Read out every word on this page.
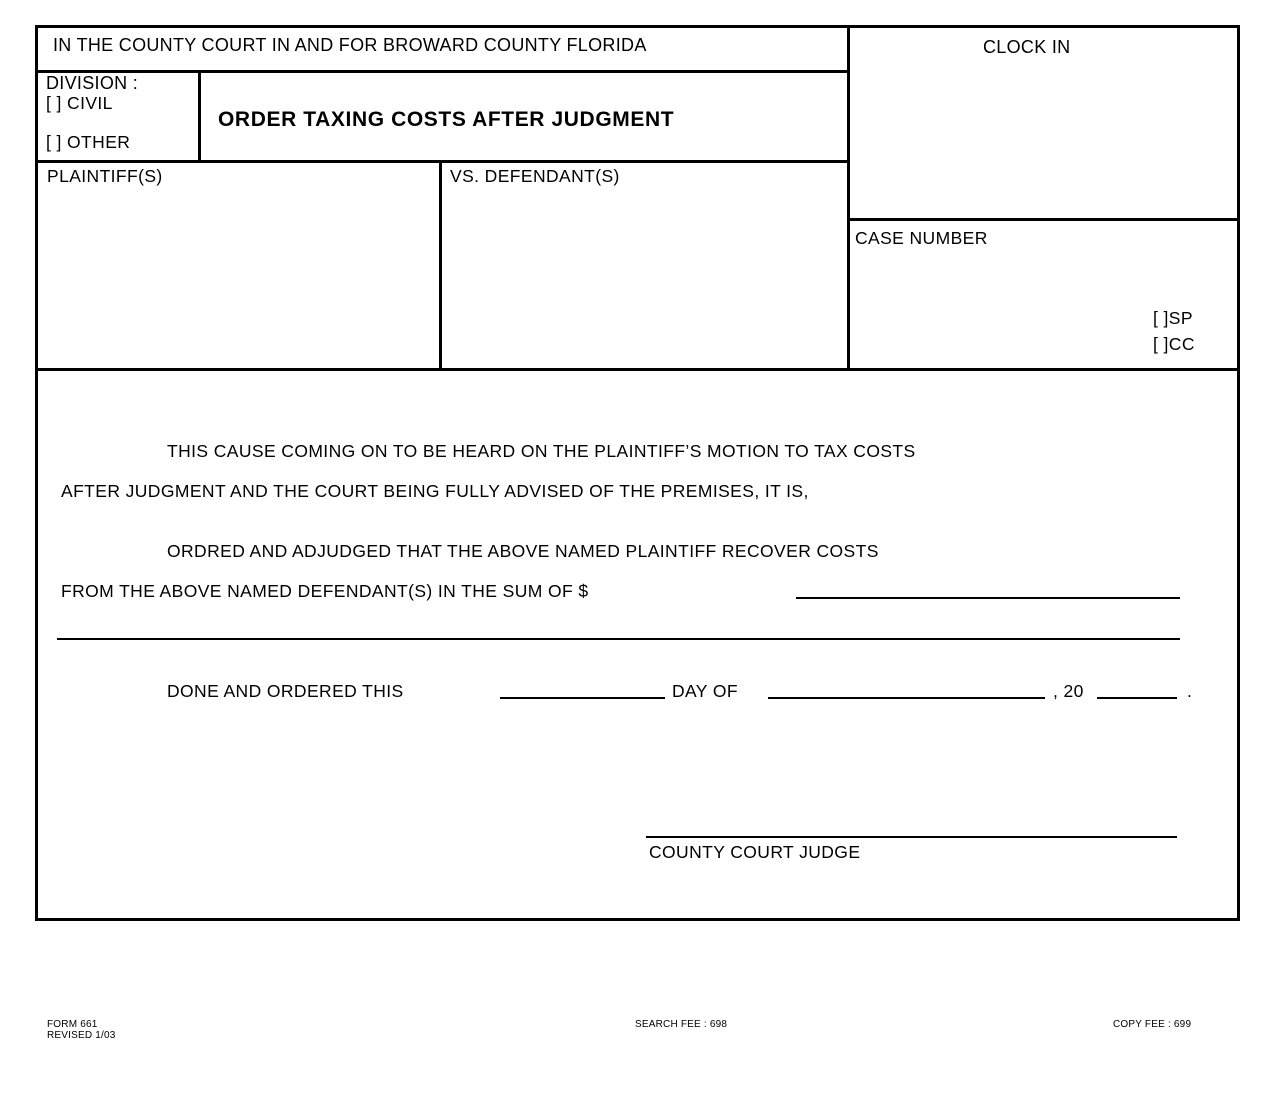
IN THE COUNTY COURT IN AND FOR BROWARD COUNTY FLORIDA	CLOCK IN
DIVISION :
[ ] CIVIL
[ ] OTHER
ORDER TAXING COSTS AFTER JUDGMENT
PLAINTIFF(S)	VS. DEFENDANT(S)
CASE NUMBER
[ ]SP
[ ]CC
THIS CAUSE COMING ON TO BE HEARD ON THE PLAINTIFF’S MOTION TO TAX COSTS
AFTER JUDGMENT AND THE COURT BEING FULLY ADVISED OF THE PREMISES, IT IS,
ORDRED AND ADJUDGED THAT THE ABOVE NAMED PLAINTIFF RECOVER COSTS
FROM THE ABOVE NAMED DEFENDANT(S) IN THE SUM OF $
DONE AND ORDERED THIS	DAY OF	, 20	.
COUNTY COURT JUDGE
FORM 661
REVISED 1/03
SEARCH FEE : 698	COPY FEE : 699
